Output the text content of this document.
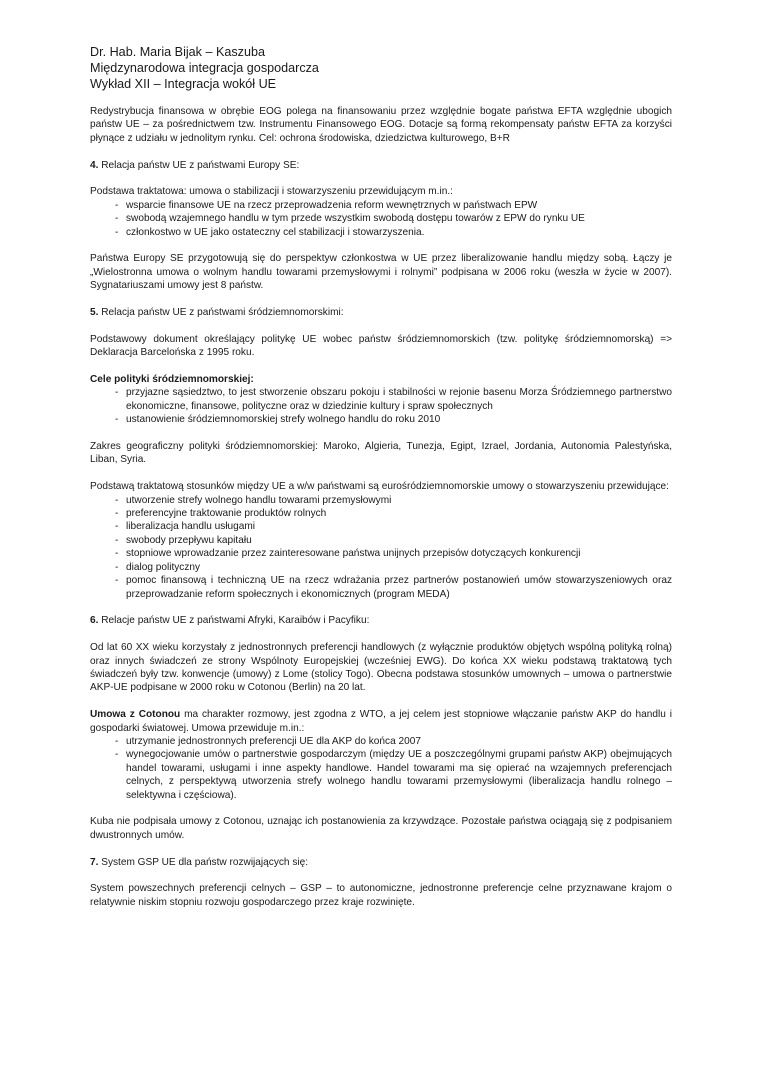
Dr. Hab. Maria Bijak – Kaszuba

Międzynarodowa integracja gospodarcza

Wykład XII – Integracja wokół UE

Redystrybucja finansowa w obrębie EOG polega na finansowaniu przez względnie bogate państwa EFTA względnie ubogich państw UE – za pośrednictwem tzw. Instrumentu Finansowego EOG. Dotacje są formą rekompensaty państw EFTA za korzyści płynące z udziału w jednolitym rynku. Cel: ochrona środowiska, dziedzictwa kulturowego, B+R

4. Relacja państw UE z państwami Europy SE:

Podstawa traktatowa: umowa o stabilizacji i stowarzyszeniu przewidującym m.in.:

- wsparcie finansowe UE na rzecz przeprowadzenia reform wewnętrznych w państwach EPW
- swobodą wzajemnego handlu w tym przede wszystkim swobodą dostępu towarów z EPW do rynku UE
- członkostwo w UE jako ostateczny cel stabilizacji i stowarzyszenia.

Państwa Europy SE przygotowują się do perspektyw członkostwa w UE przez liberalizowanie handlu między sobą. Łączy je „Wielostronna umowa o wolnym handlu towarami przemysłowymi i rolnymi” podpisana w 2006 roku (weszła w życie w 2007). Sygnatariuszami umowy jest 8 państw.

5. Relacja państw UE z państwami śródziemnomorskimi:

Podstawowy dokument określający politykę UE wobec państw śródziemnomorskich (tzw. politykę śródziemnomorską) => Deklaracja Barcelońska z 1995 roku.

Cele polityki śródziemnomorskiej:

- przyjazne sąsiedztwo, to jest stworzenie obszaru pokoju i stabilności w rejonie basenu Morza Śródziemnego partnerstwo ekonomiczne, finansowe, polityczne oraz w dziedzinie kultury i spraw społecznych
- ustanowienie śródziemnomorskiej strefy wolnego handlu do roku 2010

Zakres geograficzny polityki śródziemnomorskiej: Maroko, Algieria, Tunezja, Egipt, Izrael, Jordania, Autonomia Palestyńska, Liban, Syria.

Podstawą traktatową stosunków między UE a w/w państwami są eurośródziemnomorskie umowy o stowarzyszeniu przewidujące:

- utworzenie strefy wolnego handlu towarami przemysłowymi
- preferencyjne traktowanie produktów rolnych
- liberalizacja handlu usługami
- swobody przepływu kapitału
- stopniowe wprowadzanie przez zainteresowane państwa unijnych przepisów dotyczących konkurencji
- dialog polityczny
- pomoc finansową i techniczną UE na rzecz wdrażania przez partnerów postanowień umów stowarzyszeniowych oraz przeprowadzanie reform społecznych i ekonomicznych (program MEDA)

6. Relacje państw UE z państwami Afryki, Karaibów i Pacyfiku:

Od lat 60 XX wieku korzystały z jednostronnych preferencji handlowych (z wyłącznie produktów objętych wspólną polityką rolną) oraz innych świadczeń ze strony Wspólnoty Europejskiej (wcześniej EWG). Do końca XX wieku podstawą traktatową tych świadczeń były tzw. konwencje (umowy) z Lome (stolicy Togo). Obecna podstawa stosunków umownych – umowa o partnerstwie AKP-UE podpisane w 2000 roku w Cotonou (Berlin) na 20 lat.

Umowa z Cotonou ma charakter rozmowy, jest zgodna z WTO, a jej celem jest stopniowe włączanie państw AKP do handlu i gospodarki światowej. Umowa przewiduje m.in.:

- utrzymanie jednostronnych preferencji UE dla AKP do końca 2007
- wynegocjowanie umów o partnerstwie gospodarczym (między UE a poszczególnymi grupami państw AKP) obejmujących handel towarami, usługami i inne aspekty handlowe. Handel towarami ma się opierać na wzajemnych preferencjach celnych, z perspektywą utworzenia strefy wolnego handlu towarami przemysłowymi (liberalizacja handlu rolnego – selektywna i częściowa).

Kuba nie podpisała umowy z Cotonou, uznając ich postanowienia za krzywdzące. Pozostałe państwa ociągają się z podpisaniem dwustronnych umów.

7. System GSP UE dla państw rozwijających się:

System powszechnych preferencji celnych – GSP – to autonomiczne, jednostronne preferencje celne przyznawane krajom o relatywnie niskim stopniu rozwoju gospodarczego przez kraje rozwinięte.
